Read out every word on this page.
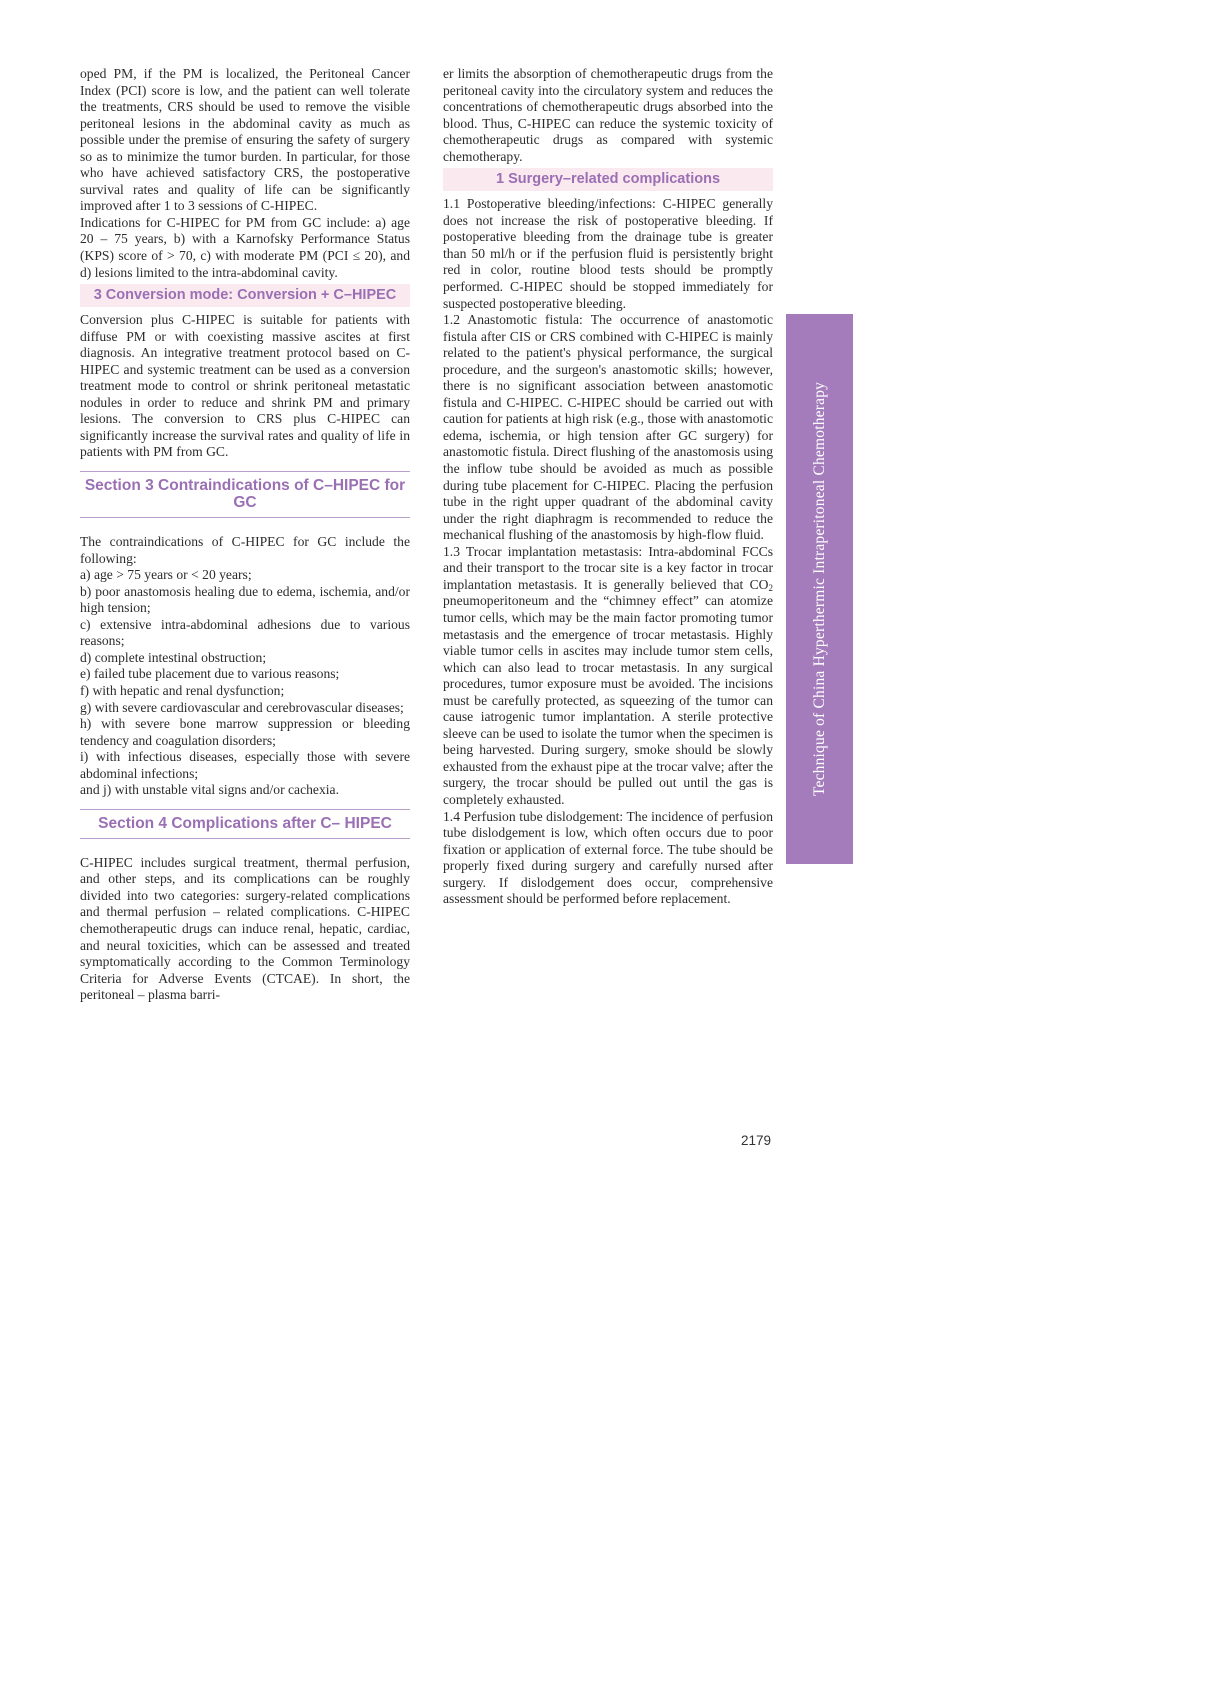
oped PM, if the PM is localized, the Peritoneal Cancer Index (PCI) score is low, and the patient can well tolerate the treatments, CRS should be used to remove the visible peritoneal lesions in the abdominal cavity as much as possible under the premise of ensuring the safety of surgery so as to minimize the tumor burden. In particular, for those who have achieved satisfactory CRS, the postoperative survival rates and quality of life can be significantly improved after 1 to 3 sessions of C-HIPEC.

Indications for C-HIPEC for PM from GC include: a) age 20 – 75 years, b) with a Karnofsky Performance Status (KPS) score of > 70, c) with moderate PM (PCI ≤ 20), and d) lesions limited to the intra-abdominal cavity.

3 Conversion mode: Conversion + C–HIPEC

Conversion plus C-HIPEC is suitable for patients with diffuse PM or with coexisting massive ascites at first diagnosis. An integrative treatment protocol based on C-HIPEC and systemic treatment can be used as a conversion treatment mode to control or shrink peritoneal metastatic nodules in order to reduce and shrink PM and primary lesions. The conversion to CRS plus C-HIPEC can significantly increase the survival rates and quality of life in patients with PM from GC.

Section 3 Contraindications of C–HIPEC for GC

The contraindications of C-HIPEC for GC include the following:

a) age > 75 years or < 20 years;

b) poor anastomosis healing due to edema, ischemia, and/or high tension;

c) extensive intra-abdominal adhesions due to various reasons;

d) complete intestinal obstruction;

e) failed tube placement due to various reasons;

f) with hepatic and renal dysfunction;

g) with severe cardiovascular and cerebrovascular diseases;

h) with severe bone marrow suppression or bleeding tendency and coagulation disorders;

i) with infectious diseases, especially those with severe abdominal infections;

and j) with unstable vital signs and/or cachexia.

Section 4 Complications after C– HIPEC

C-HIPEC includes surgical treatment, thermal perfusion, and other steps, and its complications can be roughly divided into two categories: surgery-related complications and thermal perfusion – related complications. C-HIPEC chemotherapeutic drugs can induce renal, hepatic, cardiac, and neural toxicities, which can be assessed and treated symptomatically according to the Common Terminology Criteria for Adverse Events (CTCAE). In short, the peritoneal – plasma barri-

er limits the absorption of chemotherapeutic drugs from the peritoneal cavity into the circulatory system and reduces the concentrations of chemotherapeutic drugs absorbed into the blood. Thus, C-HIPEC can reduce the systemic toxicity of chemotherapeutic drugs as compared with systemic chemotherapy.

1 Surgery–related complications

1.1 Postoperative bleeding/infections: C-HIPEC generally does not increase the risk of postoperative bleeding. If postoperative bleeding from the drainage tube is greater than 50 ml/h or if the perfusion fluid is persistently bright red in color, routine blood tests should be promptly performed. C-HIPEC should be stopped immediately for suspected postoperative bleeding.

1.2 Anastomotic fistula: The occurrence of anastomotic fistula after CIS or CRS combined with C-HIPEC is mainly related to the patient's physical performance, the surgical procedure, and the surgeon's anastomotic skills; however, there is no significant association between anastomotic fistula and C-HIPEC. C-HIPEC should be carried out with caution for patients at high risk (e.g., those with anastomotic edema, ischemia, or high tension after GC surgery) for anastomotic fistula. Direct flushing of the anastomosis using the inflow tube should be avoided as much as possible during tube placement for C-HIPEC. Placing the perfusion tube in the right upper quadrant of the abdominal cavity under the right diaphragm is recommended to reduce the mechanical flushing of the anastomosis by high-flow fluid.

1.3 Trocar implantation metastasis: Intra-abdominal FCCs and their transport to the trocar site is a key factor in trocar implantation metastasis. It is generally believed that $CO_2$ pneumoperitoneum and the “chimney effect” can atomize tumor cells, which may be the main factor promoting tumor metastasis and the emergence of trocar metastasis. Highly viable tumor cells in ascites may include tumor stem cells, which can also lead to trocar metastasis. In any surgical procedures, tumor exposure must be avoided. The incisions must be carefully protected, as squeezing of the tumor can cause iatrogenic tumor implantation. A sterile protective sleeve can be used to isolate the tumor when the specimen is being harvested. During surgery, smoke should be slowly exhausted from the exhaust pipe at the trocar valve; after the surgery, the trocar should be pulled out until the gas is completely exhausted.

1.4 Perfusion tube dislodgement: The incidence of perfusion tube dislodgement is low, which often occurs due to poor fixation or application of external force. The tube should be properly fixed during surgery and carefully nursed after surgery. If dislodgement does occur, comprehensive assessment should be performed before replacement.

Technique of China Hyperthermic Intraperitoneal Chemotherapy
2179
